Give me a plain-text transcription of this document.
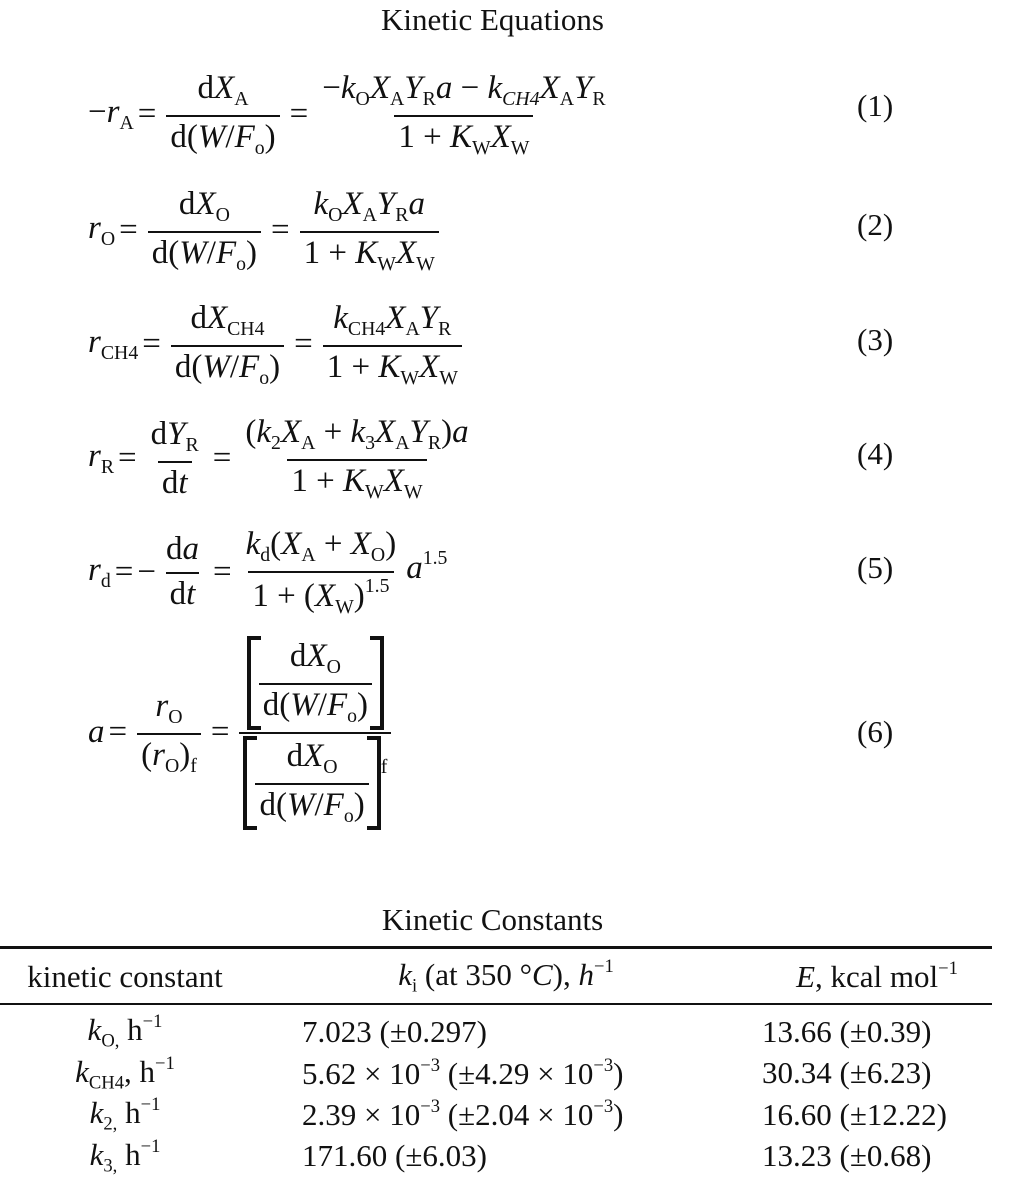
Kinetic Equations
$-r_A = \frac{dX_A}{d(W/F_o)} = \frac{-k_OX_AY_Ra - k_{CH4}X_AY_R}{1 + K_WX_W}$	(1)
$r_O = \frac{dX_O}{d(W/F_o)} = \frac{k_OX_AY_Ra}{1 + K_WX_W}$	(2)
$r_{CH4} = \frac{dX_{CH4}}{d(W/F_o)} = \frac{k_{CH4}X_AY_R}{1 + K_WX_W}$	(3)
$r_R = \frac{dY_R}{dt} = \frac{(k_2X_A + k_3X_AY_R)a}{1 + K_WX_W}$	(4)
$r_d$ = − $\frac{da}{dt} = \frac{k_d(X_A + X_O)}{1 + (X_W)^{1.5}} a^{1.5}$	(5)
$a = \frac{r_O}{(r_O)_f} = \frac{\frac{dX_O}{d(W/F_o)}}{\frac{dX_O}{d(W/F_o)} _f}$	(6)
Kinetic Constants
kinetic constant	$k_i$ (at 350 °C), $h^{-1}$	E, kcal mol$^{-1}$

$k_{O,}$ $h^{-1}$	7.023 (±0.297)	13.66 (±0.39)
$k_{CH4}$, $h^{-1}$	$5.62 \times 10^{-3}$ $(\pm 4.29 \times 10^{-3})$	30.34 (±6.23)
$k_{2,}$ $h^{-1}$	$2.39 \times 10^{-3}$ $(\pm 2.04 \times 10^{-3})$	16.60 (±12.22)
$k_{3,}$ $h^{-1}$	171.60 (±6.03)	13.23 (±0.68)
